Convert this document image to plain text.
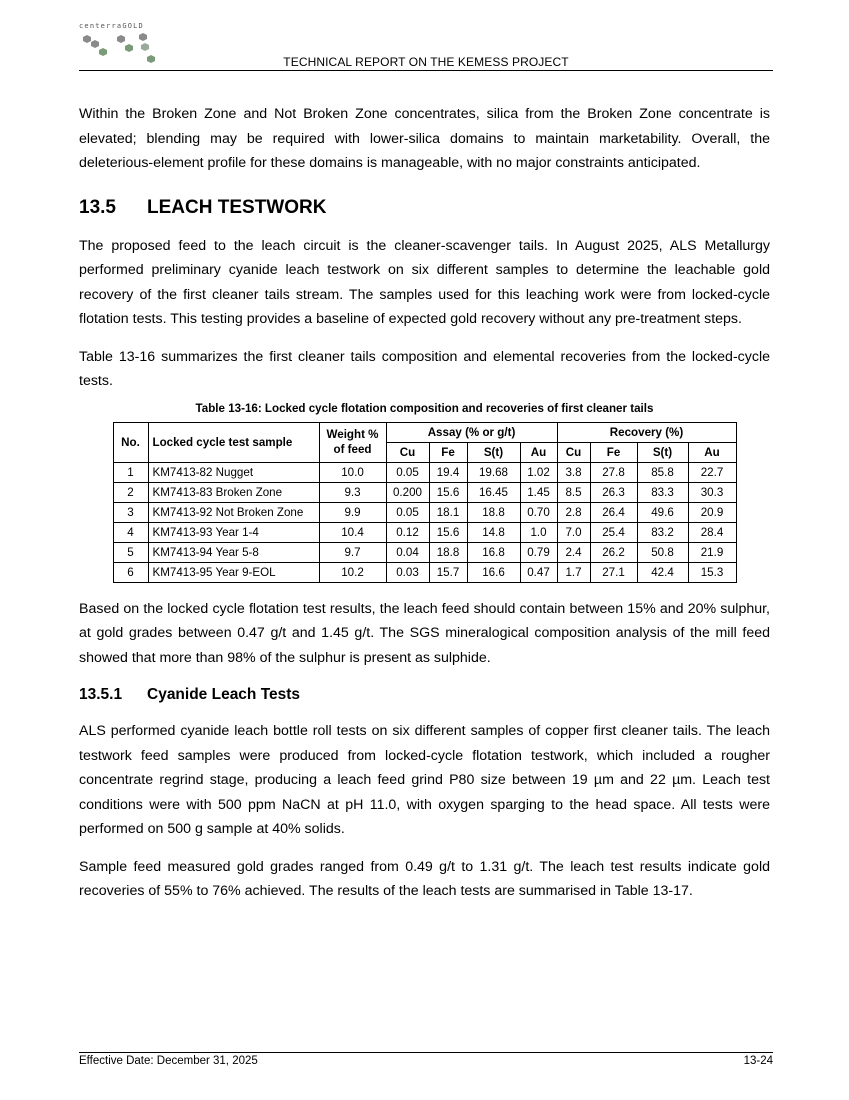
centerraGOLD
TECHNICAL REPORT ON THE KEMESS PROJECT

Within the Broken Zone and Not Broken Zone concentrates, silica from the Broken Zone concentrate is elevated; blending may be required with lower-silica domains to maintain marketability. Overall, the deleterious-element profile for these domains is manageable, with no major constraints anticipated.

13.5 LEACH TESTWORK

The proposed feed to the leach circuit is the cleaner-scavenger tails. In August 2025, ALS Metallurgy performed preliminary cyanide leach testwork on six different samples to determine the leachable gold recovery of the first cleaner tails stream. The samples used for this leaching work were from locked-cycle flotation tests. This testing provides a baseline of expected gold recovery without any pre-treatment steps.

Table 13-16 summarizes the first cleaner tails composition and elemental recoveries from the locked-cycle tests.

Table 13-16: Locked cycle flotation composition and recoveries of first cleaner tails

No.	Locked cycle test sample	Weight % of feed	Assay (% or g/t)				Recovery (%)			
			Cu	Fe	S(t)	Au	Cu	Fe	S(t)	Au
1	KM7413-82 Nugget	10.0	0.05	19.4	19.68	1.02	3.8	27.8	85.8	22.7
2	KM7413-83 Broken Zone	9.3	0.200	15.6	16.45	1.45	8.5	26.3	83.3	30.3
3	KM7413-92 Not Broken Zone	9.9	0.05	18.1	18.8	0.70	2.8	26.4	49.6	20.9
4	KM7413-93 Year 1-4	10.4	0.12	15.6	14.8	1.0	7.0	25.4	83.2	28.4
5	KM7413-94 Year 5-8	9.7	0.04	18.8	16.8	0.79	2.4	26.2	50.8	21.9
6	KM7413-95 Year 9-EOL	10.2	0.03	15.7	16.6	0.47	1.7	27.1	42.4	15.3

Based on the locked cycle flotation test results, the leach feed should contain between 15% and 20% sulphur, at gold grades between 0.47 g/t and 1.45 g/t. The SGS mineralogical composition analysis of the mill feed showed that more than 98% of the sulphur is present as sulphide.

13.5.1 Cyanide Leach Tests

ALS performed cyanide leach bottle roll tests on six different samples of copper first cleaner tails. The leach testwork feed samples were produced from locked-cycle flotation testwork, which included a rougher concentrate regrind stage, producing a leach feed grind P80 size between 19 µm and 22 µm. Leach test conditions were with 500 ppm NaCN at pH 11.0, with oxygen sparging to the head space. All tests were performed on 500 g sample at 40% solids.

Sample feed measured gold grades ranged from 0.49 g/t to 1.31 g/t. The leach test results indicate gold recoveries of 55% to 76% achieved. The results of the leach tests are summarised in Table 13-17.

Effective Date: December 31, 2025	13-24
